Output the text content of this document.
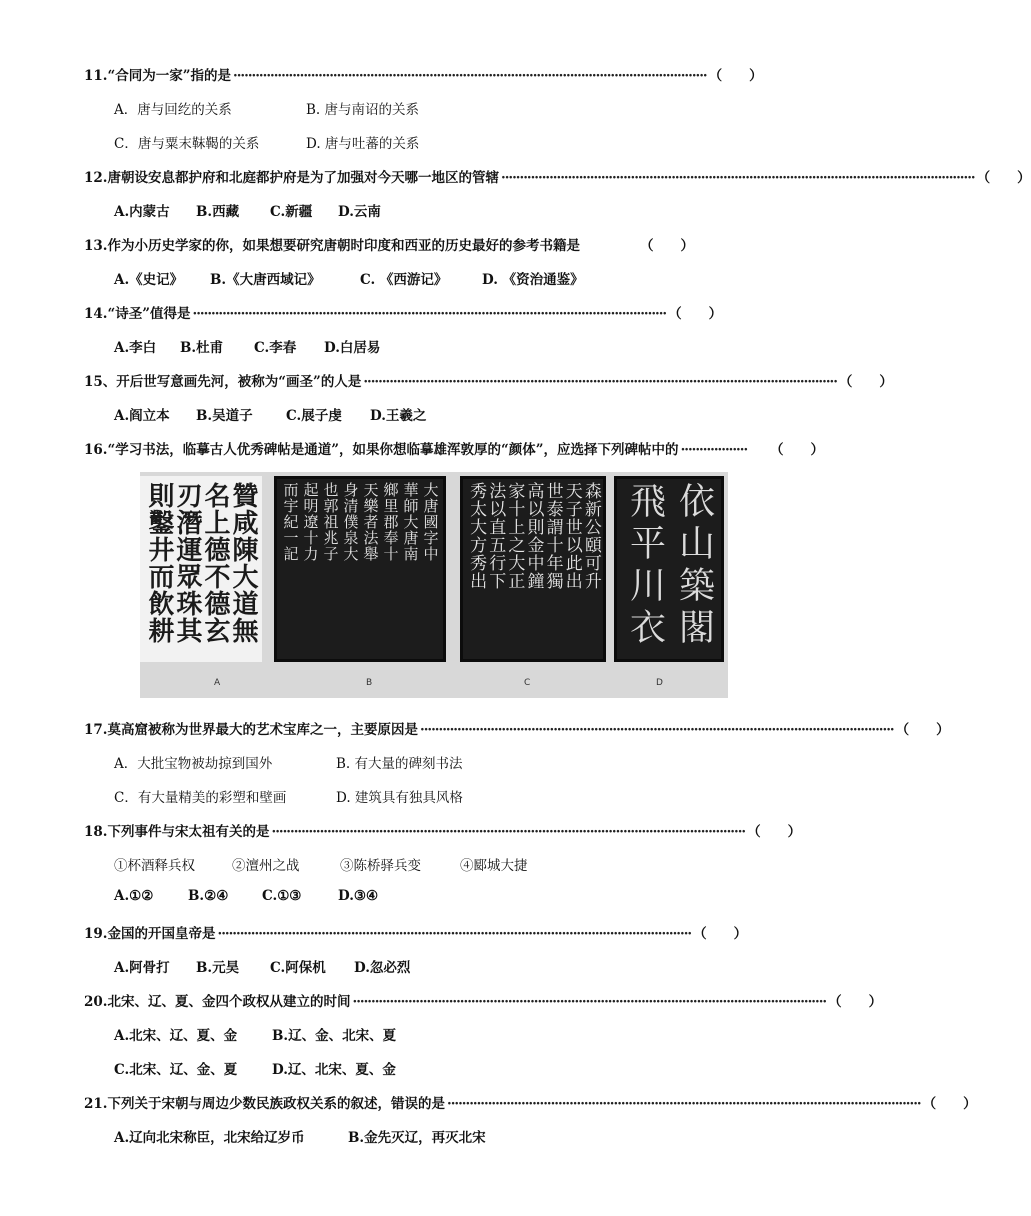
11.“合同为一家”指的是 ································································································································ （　　）
A．唐与回纥的关系	B. 唐与南诏的关系
C．唐与粟末靺鞨的关系	D. 唐与吐蕃的关系
12.唐朝设安息都护府和北庭都护府是为了加强对今天哪一地区的管辖 ································································································································ （　　）
A.内蒙古 B.西藏 C.新疆 D.云南
13.作为小历史学家的你，如果想要研究唐朝时印度和西亚的历史最好的参考书籍是	（　　）
A.《史记》 B.《大唐西域记》	C. 《西游记》	D. 《资治通鉴》
14.“诗圣”值得是 ································································································································ （　　）
A.李白 B.杜甫 C.李春 D.白居易
15、开后世写意画先河，被称为“画圣”的人是 ································································································································ （　　）
A.阎立本 B.吴道子 C.展子虔 D.王羲之
16.“学习书法，临摹古人优秀碑帖是通道”，如果你想临摹雄浑敦厚的“颜体”，应选择下列碑帖中的 ··················	（　　）
贊咸陳大道無
名上德不德玄
刃潛運眾珠其
則鑿井而飲耕	大唐國字中
華師大唐南
鄉里郡奉十
天樂者法舉
身清僕泉大
也郭祖兆子
起明遼十力
而宇紀一記	森新公頤可升
天子世以此出
世泰謂十年獨
高以則金中鐘
家十上之大正
法以直五行下
秀太大方秀出	依山築閣
飛平川衣
A	B	C	D
17.莫高窟被称为世界最大的艺术宝库之一，主要原因是 ································································································································ （　　）
A．大批宝物被劫掠到国外	B. 有大量的碑刻书法
C．有大量精美的彩塑和壁画	D. 建筑具有独具风格
18.下列事件与宋太祖有关的是 ································································································································ （　　）
①杯酒释兵权	②澶州之战	③陈桥驿兵变	④郾城大捷
A.①②	B.②④ C.①③	D.③④
19.金国的开国皇帝是 ································································································································ （　　）
A.阿骨打 B.元昊 C.阿保机 D.忽必烈
20.北宋、辽、夏、金四个政权从建立的时间 ································································································································ （　　）
A.北宋、辽、夏、金	B.辽、金、北宋、夏
C.北宋、辽、金、夏	D.辽、北宋、夏、金
21.下列关于宋朝与周边少数民族政权关系的叙述，错误的是 ································································································································ （　　）
A.辽向北宋称臣，北宋给辽岁币	B.金先灭辽，再灭北宋
